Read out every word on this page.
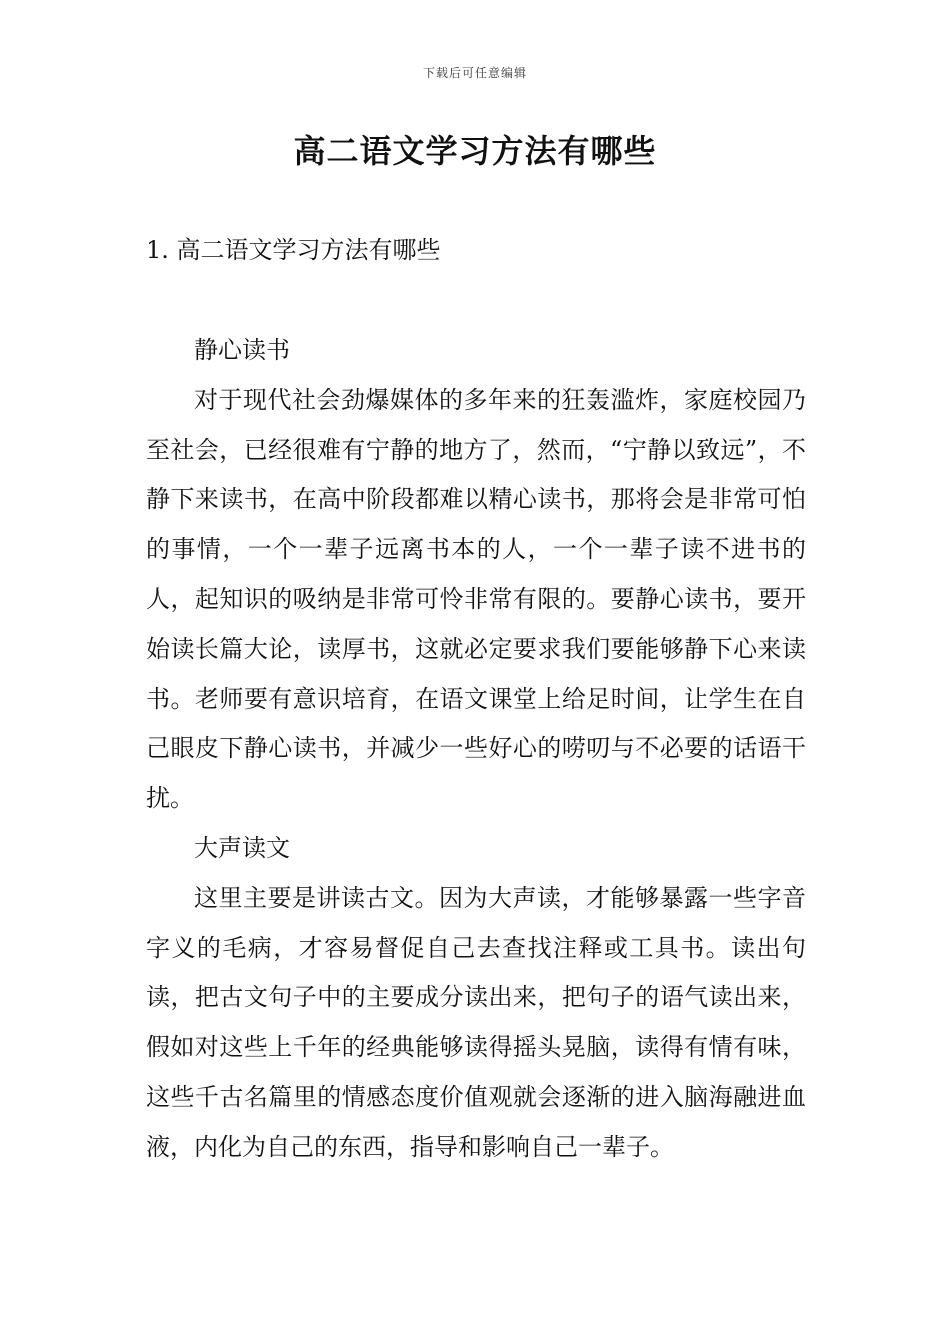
下载后可任意编辑
高二语文学习方法有哪些
1. 高二语文学习方法有哪些

静心读书

对于现代社会劲爆媒体的多年来的狂轰滥炸，家庭校园乃至社会，已经很难有宁静的地方了，然而，“宁静以致远”，不静下来读书，在高中阶段都难以精心读书，那将会是非常可怕的事情，一个一辈子远离书本的人，一个一辈子读不进书的人，起知识的吸纳是非常可怜非常有限的。要静心读书，要开始读长篇大论，读厚书，这就必定要求我们要能够静下心来读书。老师要有意识培育，在语文课堂上给足时间，让学生在自己眼皮下静心读书，并减少一些好心的唠叨与不必要的话语干扰。

大声读文

这里主要是讲读古文。因为大声读，才能够暴露一些字音字义的毛病，才容易督促自己去查找注释或工具书。读出句读，把古文句子中的主要成分读出来，把句子的语气读出来，假如对这些上千年的经典能够读得摇头晃脑，读得有情有味，这些千古名篇里的情感态度价值观就会逐渐的进入脑海融进血液，内化为自己的东西，指导和影响自己一辈子。
